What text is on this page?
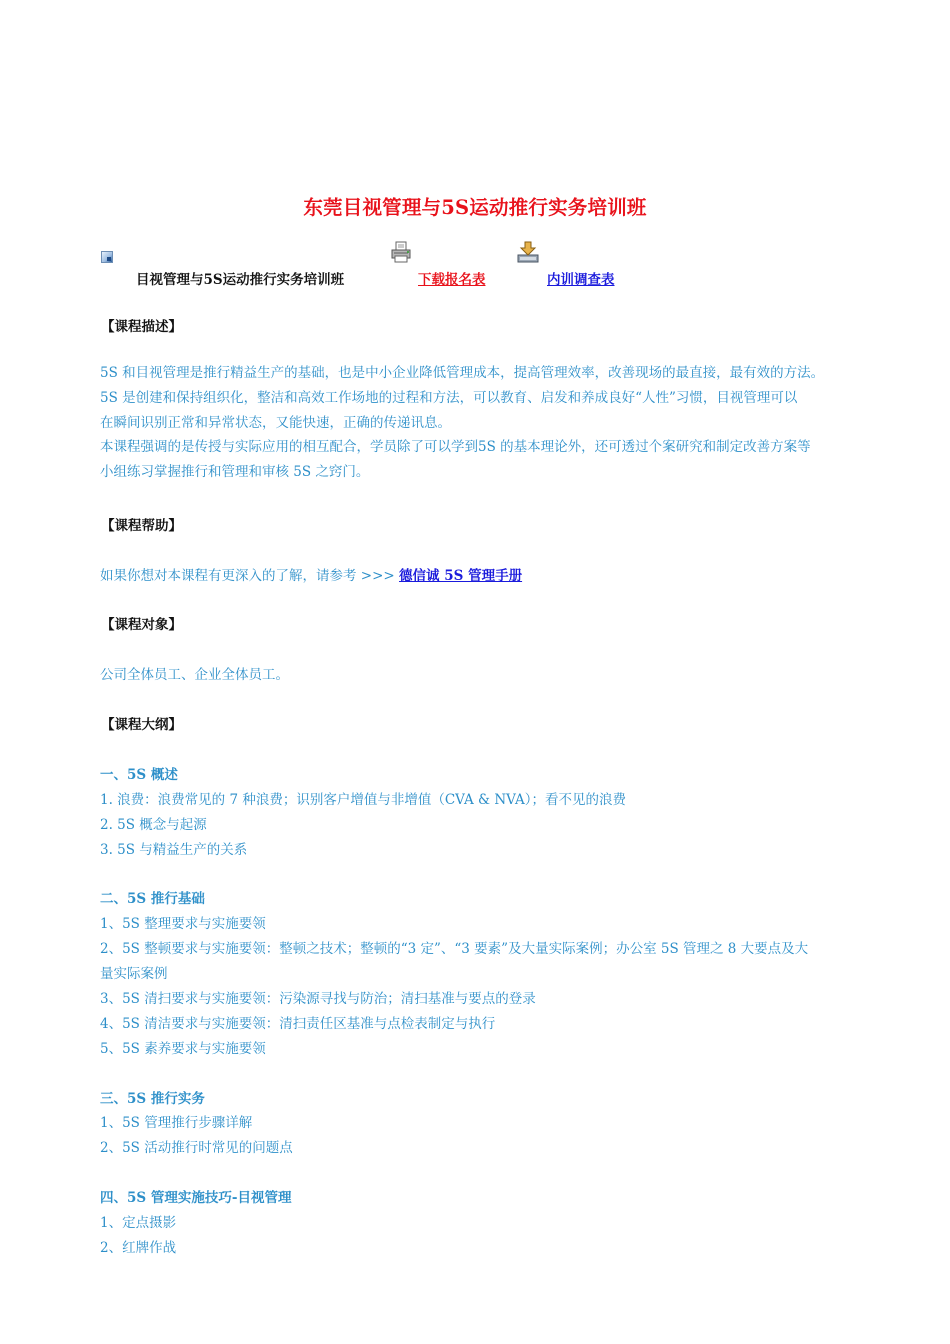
东莞目视管理与5S运动推行实务培训班
目视管理与5S运动推行实务培训班	下载报名表	内训调查表
【课程描述】

5S 和目视管理是推行精益生产的基础，也是中小企业降低管理成本，提高管理效率，改善现场的最直接，最有效的方法。

5S 是创建和保持组织化，整洁和高效工作场地的过程和方法，可以教育、启发和养成良好“人性”习惯，目视管理可以

在瞬间识别正常和异常状态，又能快速，正确的传递讯息。

本课程强调的是传授与实际应用的相互配合，学员除了可以学到5S 的基本理论外，还可透过个案研究和制定改善方案等

小组练习掌握推行和管理和审核 5S 之窍门。

【课程帮助】
如果你想对本课程有更深入的了解，请参考 >>> 德信诚 5S 管理手册
【课程对象】
公司全体员工、企业全体员工。
【课程大纲】
一、5S 概述
1. 浪费：浪费常见的 7 种浪费；识别客户增值与非增值（CVA & NVA）；看不见的浪费
2. 5S 概念与起源
3. 5S 与精益生产的关系
二、5S 推行基础
1、5S 整理要求与实施要领
2、5S 整顿要求与实施要领：整顿之技术；整顿的“3 定”、“3 要素”及大量实际案例；办公室 5S 管理之 8 大要点及大
量实际案例
3、5S 清扫要求与实施要领：污染源寻找与防治；清扫基准与要点的登录
4、5S 清洁要求与实施要领：清扫责任区基准与点检表制定与执行
5、5S 素养要求与实施要领
三、5S 推行实务
1、5S 管理推行步骤详解
2、5S 活动推行时常见的问题点
四、5S 管理实施技巧-目视管理
1、定点摄影
2、红牌作战
